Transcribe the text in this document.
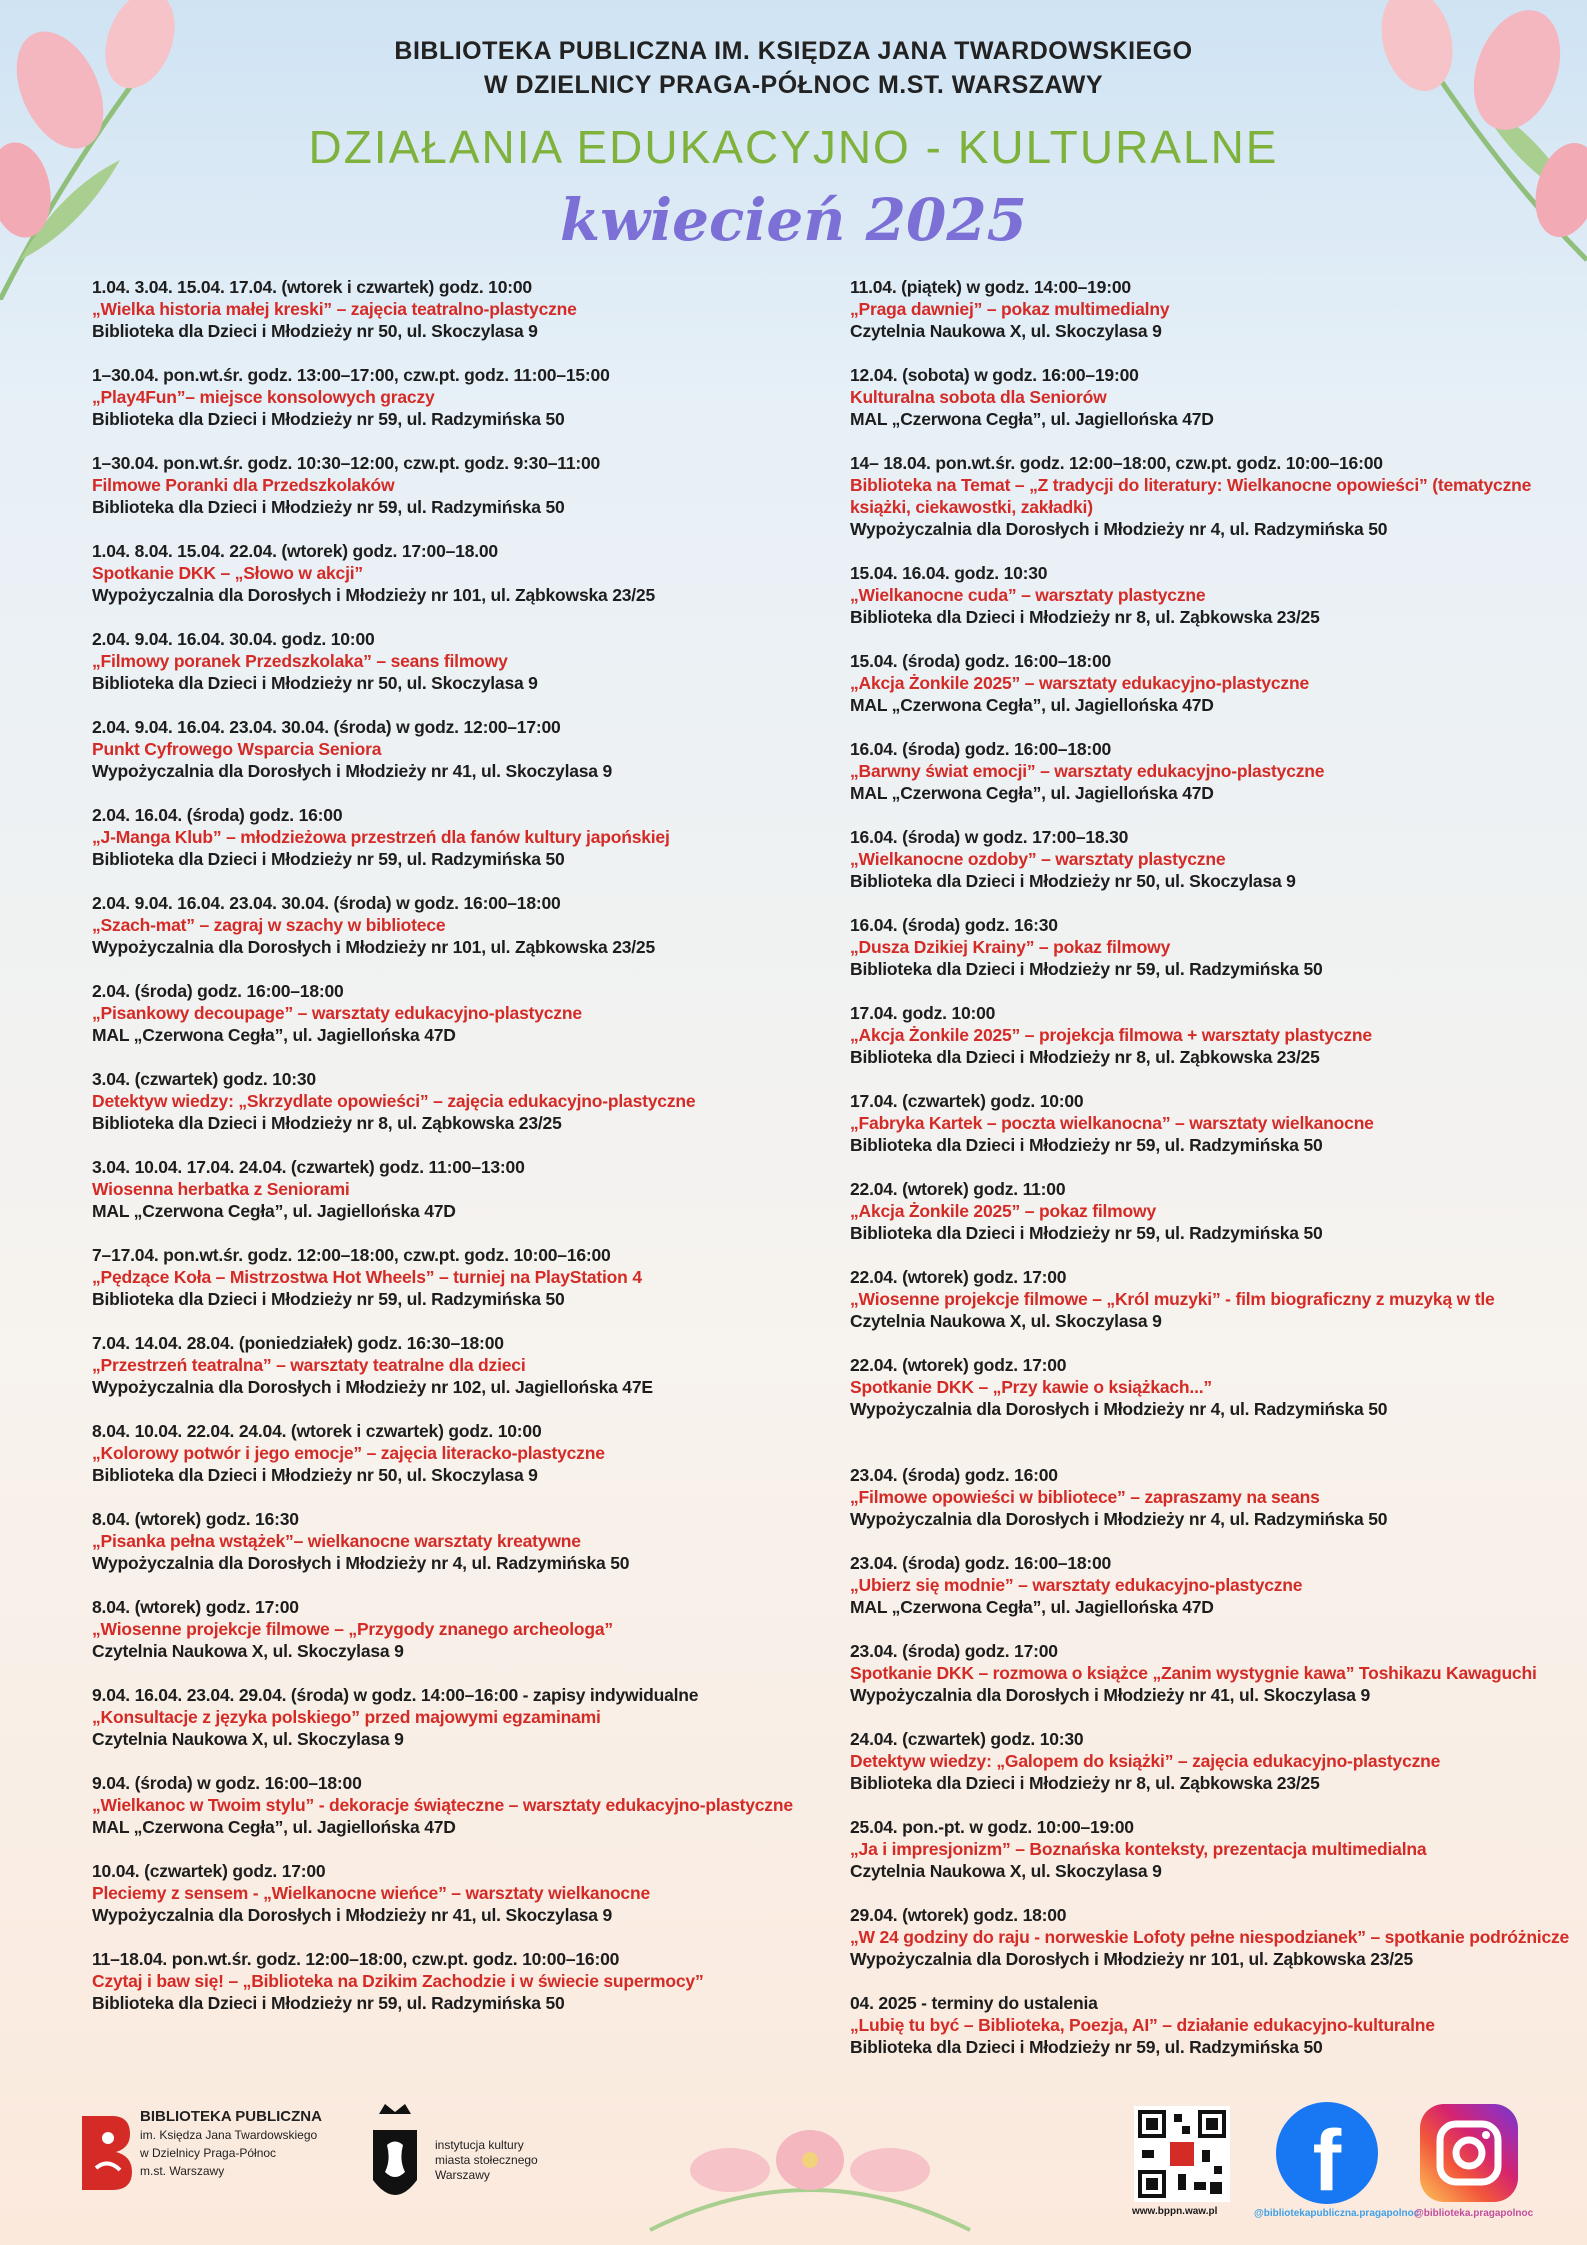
BIBLIOTEKA PUBLICZNA IM. KSIĘDZA JANA TWARDOWSKIEGO
W DZIELNICY PRAGA-PÓŁNOC M.ST. WARSZAWY
DZIAŁANIA EDUKACYJNO - KULTURALNE
kwiecień 2025
1.04. 3.04. 15.04. 17.04. (wtorek i czwartek) godz. 10:00
„Wielka historia małej kreski” – zajęcia teatralno-plastyczne
Biblioteka dla Dzieci i Młodzieży nr 50, ul. Skoczylasa 9
1–30.04. pon.wt.śr. godz. 13:00–17:00, czw.pt. godz. 11:00–15:00
„Play4Fun”– miejsce konsolowych graczy
Biblioteka dla Dzieci i Młodzieży nr 59, ul. Radzymińska 50
1–30.04. pon.wt.śr. godz. 10:30–12:00, czw.pt. godz. 9:30–11:00
Filmowe Poranki dla Przedszkolaków
Biblioteka dla Dzieci i Młodzieży nr 59, ul. Radzymińska 50
1.04. 8.04. 15.04. 22.04. (wtorek) godz. 17:00–18.00
Spotkanie DKK – „Słowo w akcji”
Wypożyczalnia dla Dorosłych i Młodzieży nr 101, ul. Ząbkowska 23/25
2.04. 9.04. 16.04. 30.04. godz. 10:00
„Filmowy poranek Przedszkolaka” – seans filmowy
Biblioteka dla Dzieci i Młodzieży nr 50, ul. Skoczylasa 9
2.04. 9.04. 16.04. 23.04. 30.04. (środa) w godz. 12:00–17:00
Punkt Cyfrowego Wsparcia Seniora
Wypożyczalnia dla Dorosłych i Młodzieży nr 41, ul. Skoczylasa 9
2.04. 16.04. (środa) godz. 16:00
„J-Manga Klub” – młodzieżowa przestrzeń dla fanów kultury japońskiej
Biblioteka dla Dzieci i Młodzieży nr 59, ul. Radzymińska 50
2.04. 9.04. 16.04. 23.04. 30.04. (środa) w godz. 16:00–18:00
„Szach-mat” – zagraj w szachy w bibliotece
Wypożyczalnia dla Dorosłych i Młodzieży nr 101, ul. Ząbkowska 23/25
2.04. (środa) godz. 16:00–18:00
„Pisankowy decoupage” – warsztaty edukacyjno-plastyczne
MAL „Czerwona Cegła”, ul. Jagiellońska 47D
3.04. (czwartek) godz. 10:30
Detektyw wiedzy: „Skrzydlate opowieści” – zajęcia edukacyjno-plastyczne
Biblioteka dla Dzieci i Młodzieży nr 8, ul. Ząbkowska 23/25
3.04. 10.04. 17.04. 24.04. (czwartek) godz. 11:00–13:00
Wiosenna herbatka z Seniorami
MAL „Czerwona Cegła”, ul. Jagiellońska 47D
7–17.04. pon.wt.śr. godz. 12:00–18:00, czw.pt. godz. 10:00–16:00
„Pędzące Koła – Mistrzostwa Hot Wheels” – turniej na PlayStation 4
Biblioteka dla Dzieci i Młodzieży nr 59, ul. Radzymińska 50
7.04. 14.04. 28.04. (poniedziałek) godz. 16:30–18:00
„Przestrzeń teatralna” – warsztaty teatralne dla dzieci
Wypożyczalnia dla Dorosłych i Młodzieży nr 102, ul. Jagiellońska 47E
8.04. 10.04. 22.04. 24.04. (wtorek i czwartek) godz. 10:00
„Kolorowy potwór i jego emocje” – zajęcia literacko-plastyczne
Biblioteka dla Dzieci i Młodzieży nr 50, ul. Skoczylasa 9
8.04. (wtorek) godz. 16:30
„Pisanka pełna wstążek”– wielkanocne warsztaty kreatywne
Wypożyczalnia dla Dorosłych i Młodzieży nr 4, ul. Radzymińska 50
8.04. (wtorek) godz. 17:00
„Wiosenne projekcje filmowe – „Przygody znanego archeologa”
Czytelnia Naukowa X, ul. Skoczylasa 9
9.04. 16.04. 23.04. 29.04. (środa) w godz. 14:00–16:00 - zapisy indywidualne
„Konsultacje z języka polskiego” przed majowymi egzaminami
Czytelnia Naukowa X, ul. Skoczylasa 9
9.04. (środa) w godz. 16:00–18:00
„Wielkanoc w Twoim stylu” - dekoracje świąteczne – warsztaty edukacyjno-plastyczne
MAL „Czerwona Cegła”, ul. Jagiellońska 47D
10.04. (czwartek) godz. 17:00
Pleciemy z sensem - „Wielkanocne wieńce” – warsztaty wielkanocne
Wypożyczalnia dla Dorosłych i Młodzieży nr 41, ul. Skoczylasa 9
11–18.04. pon.wt.śr. godz. 12:00–18:00, czw.pt. godz. 10:00–16:00
Czytaj i baw się! – „Biblioteka na Dzikim Zachodzie i w świecie supermocy”
Biblioteka dla Dzieci i Młodzieży nr 59, ul. Radzymińska 50
11.04. (piątek) w godz. 14:00–19:00
„Praga dawniej” – pokaz multimedialny
Czytelnia Naukowa X, ul. Skoczylasa 9
12.04. (sobota) w godz. 16:00–19:00
Kulturalna sobota dla Seniorów
MAL „Czerwona Cegła”, ul. Jagiellońska 47D
14– 18.04. pon.wt.śr. godz. 12:00–18:00, czw.pt. godz. 10:00–16:00
Biblioteka na Temat – „Z tradycji do literatury: Wielkanocne opowieści” (tematyczne książki, ciekawostki, zakładki)
Wypożyczalnia dla Dorosłych i Młodzieży nr 4, ul. Radzymińska 50
15.04. 16.04. godz. 10:30
„Wielkanocne cuda” – warsztaty plastyczne
Biblioteka dla Dzieci i Młodzieży nr 8, ul. Ząbkowska 23/25
15.04. (środa) godz. 16:00–18:00
„Akcja Żonkile 2025” – warsztaty edukacyjno-plastyczne
MAL „Czerwona Cegła”, ul. Jagiellońska 47D
16.04. (środa) godz. 16:00–18:00
„Barwny świat emocji” – warsztaty edukacyjno-plastyczne
MAL „Czerwona Cegła”, ul. Jagiellońska 47D
16.04. (środa) w godz. 17:00–18.30
„Wielkanocne ozdoby” – warsztaty plastyczne
Biblioteka dla Dzieci i Młodzieży nr 50, ul. Skoczylasa 9
16.04. (środa) godz. 16:30
„Dusza Dzikiej Krainy” – pokaz filmowy
Biblioteka dla Dzieci i Młodzieży nr 59, ul. Radzymińska 50
17.04. godz. 10:00
„Akcja Żonkile 2025” – projekcja filmowa + warsztaty plastyczne
Biblioteka dla Dzieci i Młodzieży nr 8, ul. Ząbkowska 23/25
17.04. (czwartek) godz. 10:00
„Fabryka Kartek – poczta wielkanocna” – warsztaty wielkanocne
Biblioteka dla Dzieci i Młodzieży nr 59, ul. Radzymińska 50
22.04. (wtorek) godz. 11:00
„Akcja Żonkile 2025” – pokaz filmowy
Biblioteka dla Dzieci i Młodzieży nr 59, ul. Radzymińska 50
22.04. (wtorek) godz. 17:00
„Wiosenne projekcje filmowe – „Król muzyki” - film biograficzny z muzyką w tle
Czytelnia Naukowa X, ul. Skoczylasa 9
22.04. (wtorek) godz. 17:00
Spotkanie DKK – „Przy kawie o książkach...”
Wypożyczalnia dla Dorosłych i Młodzieży nr 4, ul. Radzymińska 50
23.04. (środa) godz. 16:00
„Filmowe opowieści w bibliotece” – zapraszamy na seans
Wypożyczalnia dla Dorosłych i Młodzieży nr 4, ul. Radzymińska 50
23.04. (środa) godz. 16:00–18:00
„Ubierz się modnie” – warsztaty edukacyjno-plastyczne
MAL „Czerwona Cegła”, ul. Jagiellońska 47D
23.04. (środa) godz. 17:00
Spotkanie DKK – rozmowa o książce „Zanim wystygnie kawa” Toshikazu Kawaguchi
Wypożyczalnia dla Dorosłych i Młodzieży nr 41, ul. Skoczylasa 9
24.04. (czwartek) godz. 10:30
Detektyw wiedzy: „Galopem do książki” – zajęcia edukacyjno-plastyczne
Biblioteka dla Dzieci i Młodzieży nr 8, ul. Ząbkowska 23/25
25.04. pon.-pt. w godz. 10:00–19:00
„Ja i impresjonizm” – Boznańska konteksty, prezentacja multimedialna
Czytelnia Naukowa X, ul. Skoczylasa 9
29.04. (wtorek) godz. 18:00
„W 24 godziny do raju - norweskie Lofoty pełne niespodzianek” – spotkanie podróżnicze
Wypożyczalnia dla Dorosłych i Młodzieży nr 101, ul. Ząbkowska 23/25
04. 2025 - terminy do ustalenia
„Lubię tu być – Biblioteka, Poezja, AI” – działanie edukacyjno-kulturalne
Biblioteka dla Dzieci i Młodzieży nr 59, ul. Radzymińska 50
BIBLIOTEKA PUBLICZNA
im. Księdza Jana Twardowskiego
w Dzielnicy Praga-Północ
m.st. Warszawy
instytucja kultury
miasta stołecznego
Warszawy
www.bppn.waw.pl
f
@bibliotekapubliczna.pragapolnoc
@biblioteka.pragapolnoc
